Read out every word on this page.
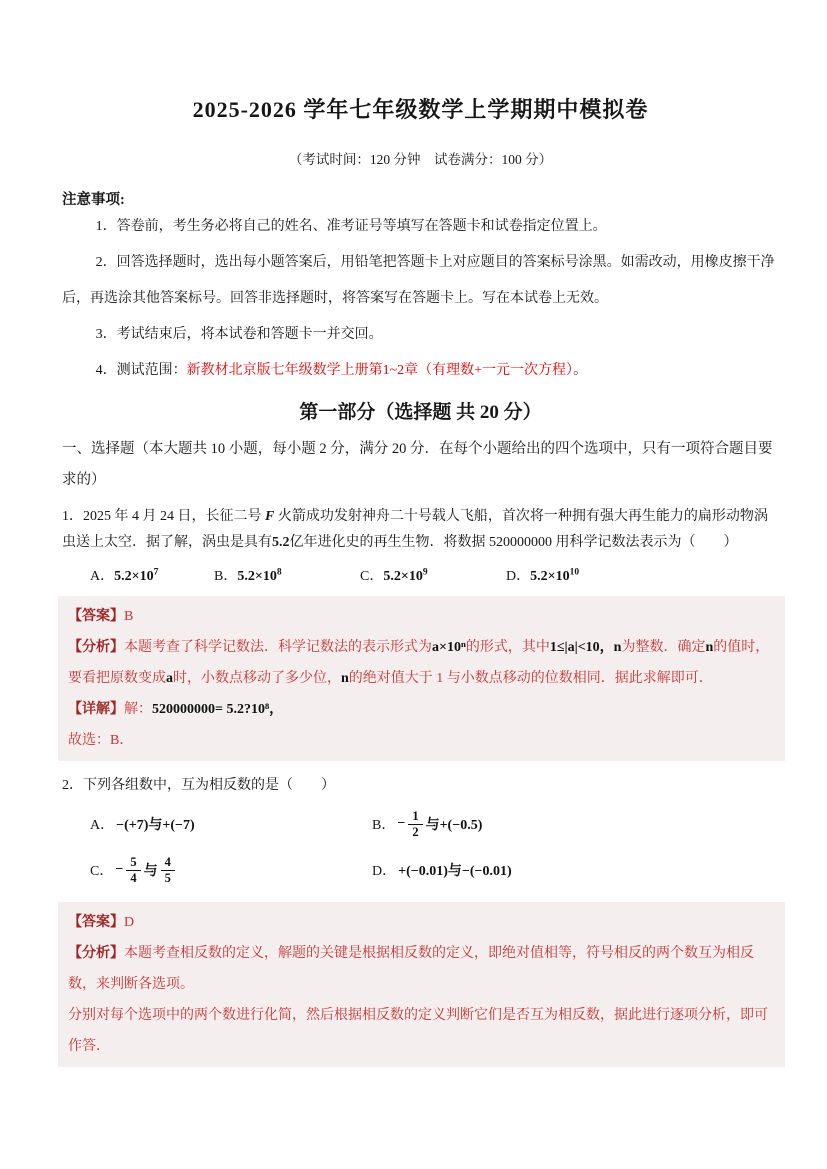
2025-2026 学年七年级数学上学期期中模拟卷
（考试时间：120 分钟　试卷满分：100 分）

注意事项:

1．答卷前，考生务必将自己的姓名、准考证号等填写在答题卡和试卷指定位置上。

2．回答选择题时，选出每小题答案后，用铅笔把答题卡上对应题目的答案标号涂黑。如需改动，用橡皮擦干净后，再选涂其他答案标号。回答非选择题时，将答案写在答题卡上。写在本试卷上无效。

3．考试结束后，将本试卷和答题卡一并交回。

4．测试范围：新教材北京版七年级数学上册第1~2章（有理数+一元一次方程）。

第一部分（选择题 共 20 分）

一、选择题（本大题共 10 小题，每小题 2 分，满分 20 分．在每个小题给出的四个选项中，只有一项符合题目要求的）

1．2025 年 4 月 24 日，长征二号 F 火箭成功发射神舟二十号载人飞船，首次将一种拥有强大再生能力的扁形动物涡虫送上太空．据了解，涡虫是具有5.2亿年进化史的再生生物．将数据 520000000 用科学记数法表示为（　　）

A．$5.2\times 10^7$	B．$5.2\times 10^8$	C．$5.2\times 10^9$	D．$5.2\times 10^{10}$

【答案】B

【分析】本题考查了科学记数法．科学记数法的表示形式为a×10ⁿ的形式，其中1≤|a|<10，n为整数．确定n的值时，要看把原数变成a时，小数点移动了多少位，n的绝对值大于 1 与小数点移动的位数相同．据此求解即可．

【详解】解：520000000= 5.2?10⁸，

故选：B．

2．下列各组数中，互为相反数的是（　　）

A． −(+7)与+(−7)	B． − $\frac{1}{2}$ 与+(−0.5)
C． − $\frac{5}{4}$ 与 $\frac{4}{5}$	D． +(−0.01)与−(−0.01)

【答案】D

【分析】本题考查相反数的定义，解题的关键是根据相反数的定义，即绝对值相等，符号相反的两个数互为相反数，来判断各选项。

分别对每个选项中的两个数进行化简，然后根据相反数的定义判断它们是否互为相反数，据此进行逐项分析，即可作答．
